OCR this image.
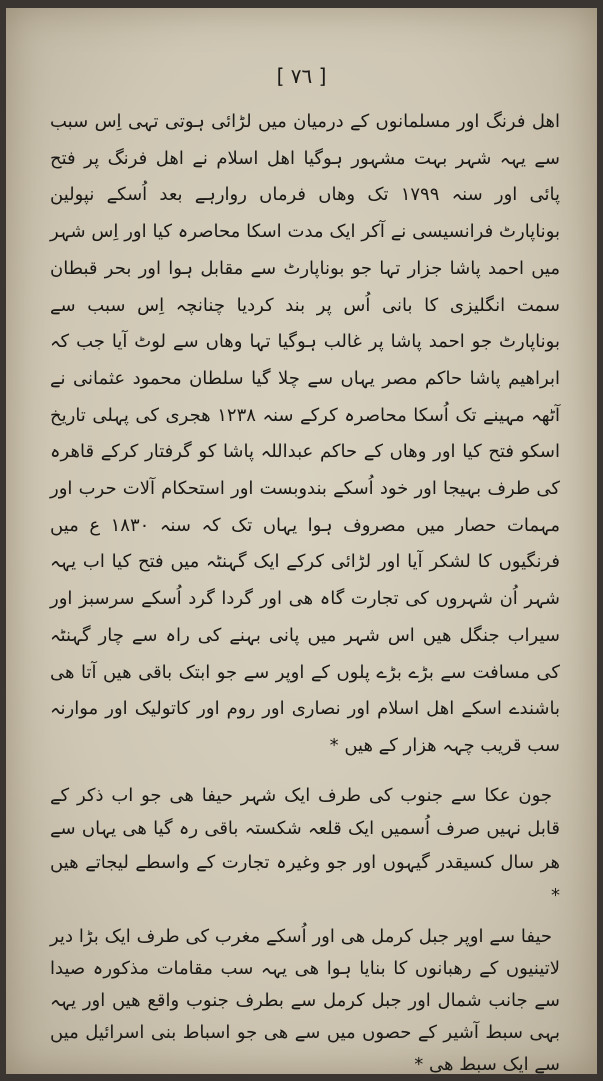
[ ٧٦ ]

اهل فرنگ اور مسلمانوں کے درمیان میں لڑائی ہوتی تہی اِس سبب سے یہہ شہر بہت مشہور ہوگیا اهل اسلام نے اهل فرنگ پر فتح پائی اور سنہ ١٧٩٩ تک وهاں فرماں روارہے بعد اُسکے نپولین بوناپارٹ فرانسیسی نے آکر ایک مدت اسکا محاصرہ کیا اور اِس شہر میں احمد پاشا جزار تہا جو بوناپارٹ سے مقابل ہوا اور بحر قبطان سمت انگلیزی کا بانی اُس پر بند کردیا چنانچہ اِس سبب سے بوناپارٹ جو احمد پاشا پر غالب ہوگیا تہا وهاں سے لوٹ آیا جب کہ ابراهیم پاشا حاکم مصر یہاں سے چلا گیا سلطان محمود عثمانی نے آٹھہ مہینے تک اُسکا محاصرہ کرکے سنہ ١٢٣٨ هجری کی پہلی تاریخ اسکو فتح کیا اور وهاں کے حاکم عبداللہ پاشا کو گرفتار کرکے قاهرہ کی طرف بہیجا اور خود اُسکے بندوبست اور استحکام آلات حرب اور مہمات حصار میں مصروف ہوا یہاں تک کہ سنہ ١٨٣٠ ع میں فرنگیوں کا لشکر آیا اور لڑائی کرکے ایک گہنٹہ میں فتح کیا اب یہہ شہر اُن شہروں کی تجارت گاہ هی اور گردا گرد اُسکے سرسبز اور سیراب جنگل هیں اس شہر میں پانی بہنے کی راہ سے چار گہنٹہ کی مسافت سے بڑے بڑے پلوں کے اوپر سے جو ابتک باقی هیں آتا هی باشندے اسکے اهل اسلام اور نصاری اور روم اور کاتولیک اور موارنہ سب قریب چہہ هزار کے هیں *

جون عکا سے جنوب کی طرف ایک شہر حیفا هی جو اب ذکر کے قابل نہیں صرف اُسمیں ایک قلعہ شکستہ باقی رہ گیا هی یہاں سے هر سال کسیقدر گیہوں اور جو وغیرہ تجارت کے واسطے لیجاتے هیں *

حیفا سے اوپر جبل کرمل هی اور اُسکے مغرب کی طرف ایک بڑا دیر لاتینیوں کے رهبانوں کا بنایا ہوا هی یہہ سب مقامات مذکورہ صیدا سے جانب شمال اور جبل کرمل سے بطرف جنوب واقع هیں اور یہہ بہی سبط آشیر کے حصوں میں سے هی جو اسباط بنی اسرائیل میں سے ایک سبط هی *
